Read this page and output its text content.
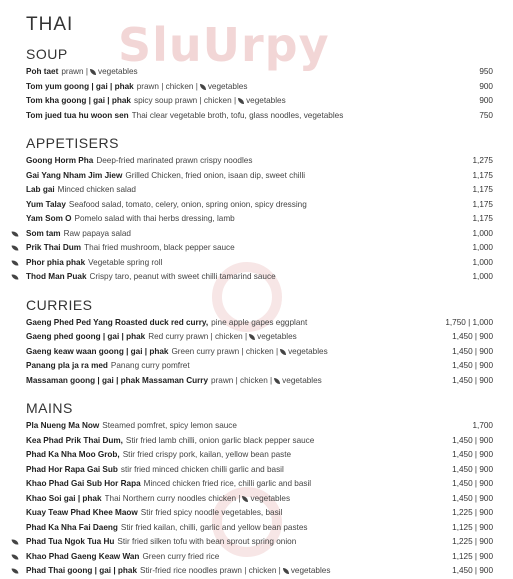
SluUrpy
THAI
SOUP
Poh taet prawn | vegetables	950
Tom yum goong | gai | phak prawn | chicken | vegetables	900
Tom kha goong | gai | phak spicy soup prawn | chicken | vegetables	900
Tom jued tua hu woon sen Thai clear vegetable broth, tofu, glass noodles, vegetables	750
APPETISERS
Goong Horm Pha Deep-fried marinated prawn crispy noodles	1,275
Gai Yang Nham Jim Jiew Grilled Chicken, fried onion, isaan dip, sweet chilli	1,175
Lab gai Minced chicken salad	1,175
Yum Talay Seafood salad, tomato, celery, onion, spring onion, spicy dressing	1,175
Yam Som O Pomelo salad with thai herbs dressing, lamb	1,175
Som tam Raw papaya salad	1,000
Prik Thai Dum Thai fried mushroom, black pepper sauce	1,000
Phor phia phak Vegetable spring roll	1,000
Thod Man Puak Crispy taro, peanut with sweet chilli tamarind sauce	1,000
CURRIES
Gaeng Phed Ped Yang Roasted duck red curry, pine apple gapes eggplant	1,750 | 1,000
Gaeng phed goong | gai | phak Red curry prawn | chicken | vegetables	1,450 | 900
Gaeng keaw waan goong | gai | phak Green curry prawn | chicken | vegetables	1,450 | 900
Panang pla ja ra med Panang curry pomfret	1,450 | 900
Massaman goong | gai | phak Massaman Curry prawn | chicken | vegetables	1,450 | 900
MAINS
Pla Nueng Ma Now Steamed pomfret, spicy lemon sauce	1,700
Kea Phad Prik Thai Dum, Stir fried lamb chilli, onion garlic black pepper sauce	1,450 | 900
Phad Ka Nha Moo Grob, Stir fried crispy pork, kailan, yellow bean paste	1,450 | 900
Phad Hor Rapa Gai Sub stir fried minced chicken chilli garlic and basil	1,450 | 900
Khao Phad Gai Sub Hor Rapa Minced chicken fried rice, chilli garlic and basil	1,450 | 900
Khao Soi gai | phak Thai Northern curry noodles chicken | vegetables	1,450 | 900
Kuay Teaw Phad Khee Maow Stir fried spicy noodle vegetables, basil	1,225 | 900
Phad Ka Nha Fai Daeng Stir fried kailan, chilli, garlic and yellow bean pastes	1,125 | 900
Phad Tua Ngok Tua Hu Stir fried silken tofu with bean sprout spring onion	1,225 | 900
Khao Phad Gaeng Keaw Wan Green curry fried rice	1,125 | 900
Phad Thai goong | gai | phak Stir-fried rice noodles prawn | chicken | vegetables	1,450 | 900
